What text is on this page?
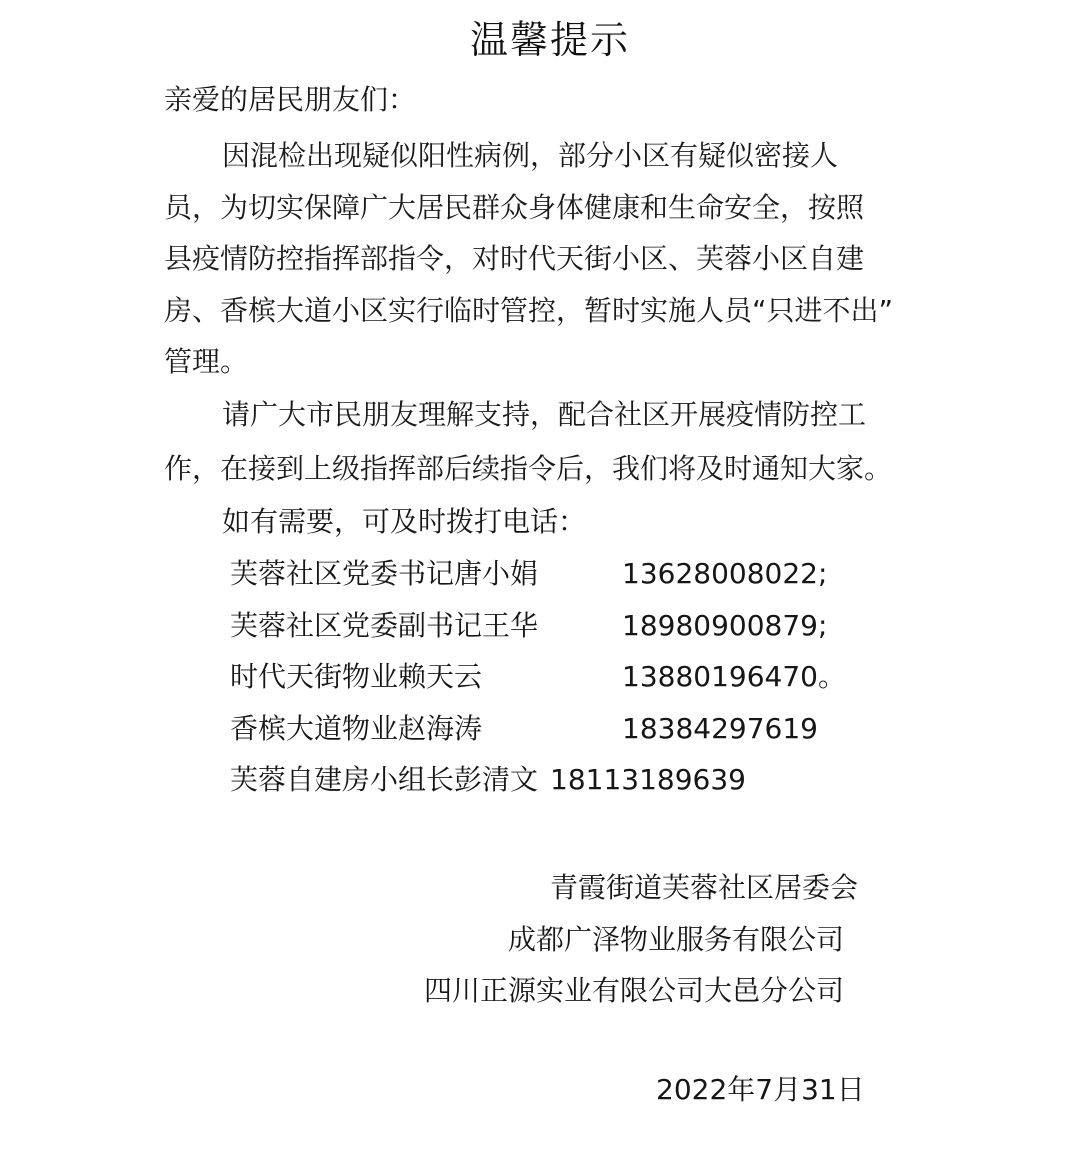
温馨提示
亲爱的居民朋友们：
因混检出现疑似阳性病例，部分小区有疑似密接人
员，为切实保障广大居民群众身体健康和生命安全，按照
县疫情防控指挥部指令，对时代天街小区、芙蓉小区自建
房、香槟大道小区实行临时管控，暂时实施人员“只进不出”
管理。
请广大市民朋友理解支持，配合社区开展疫情防控工
作，在接到上级指挥部后续指令后，我们将及时通知大家。
如有需要，可及时拨打电话：
芙蓉社区党委书记唐小娟	13628008022;
芙蓉社区党委副书记王华	18980900879;
时代天街物业赖天云	13880196470。
香槟大道物业赵海涛	18384297619
芙蓉自建房小组长彭清文 18113189639
青霞街道芙蓉社区居委会
成都广泽物业服务有限公司
四川正源实业有限公司大邑分公司
2022年7月31日
